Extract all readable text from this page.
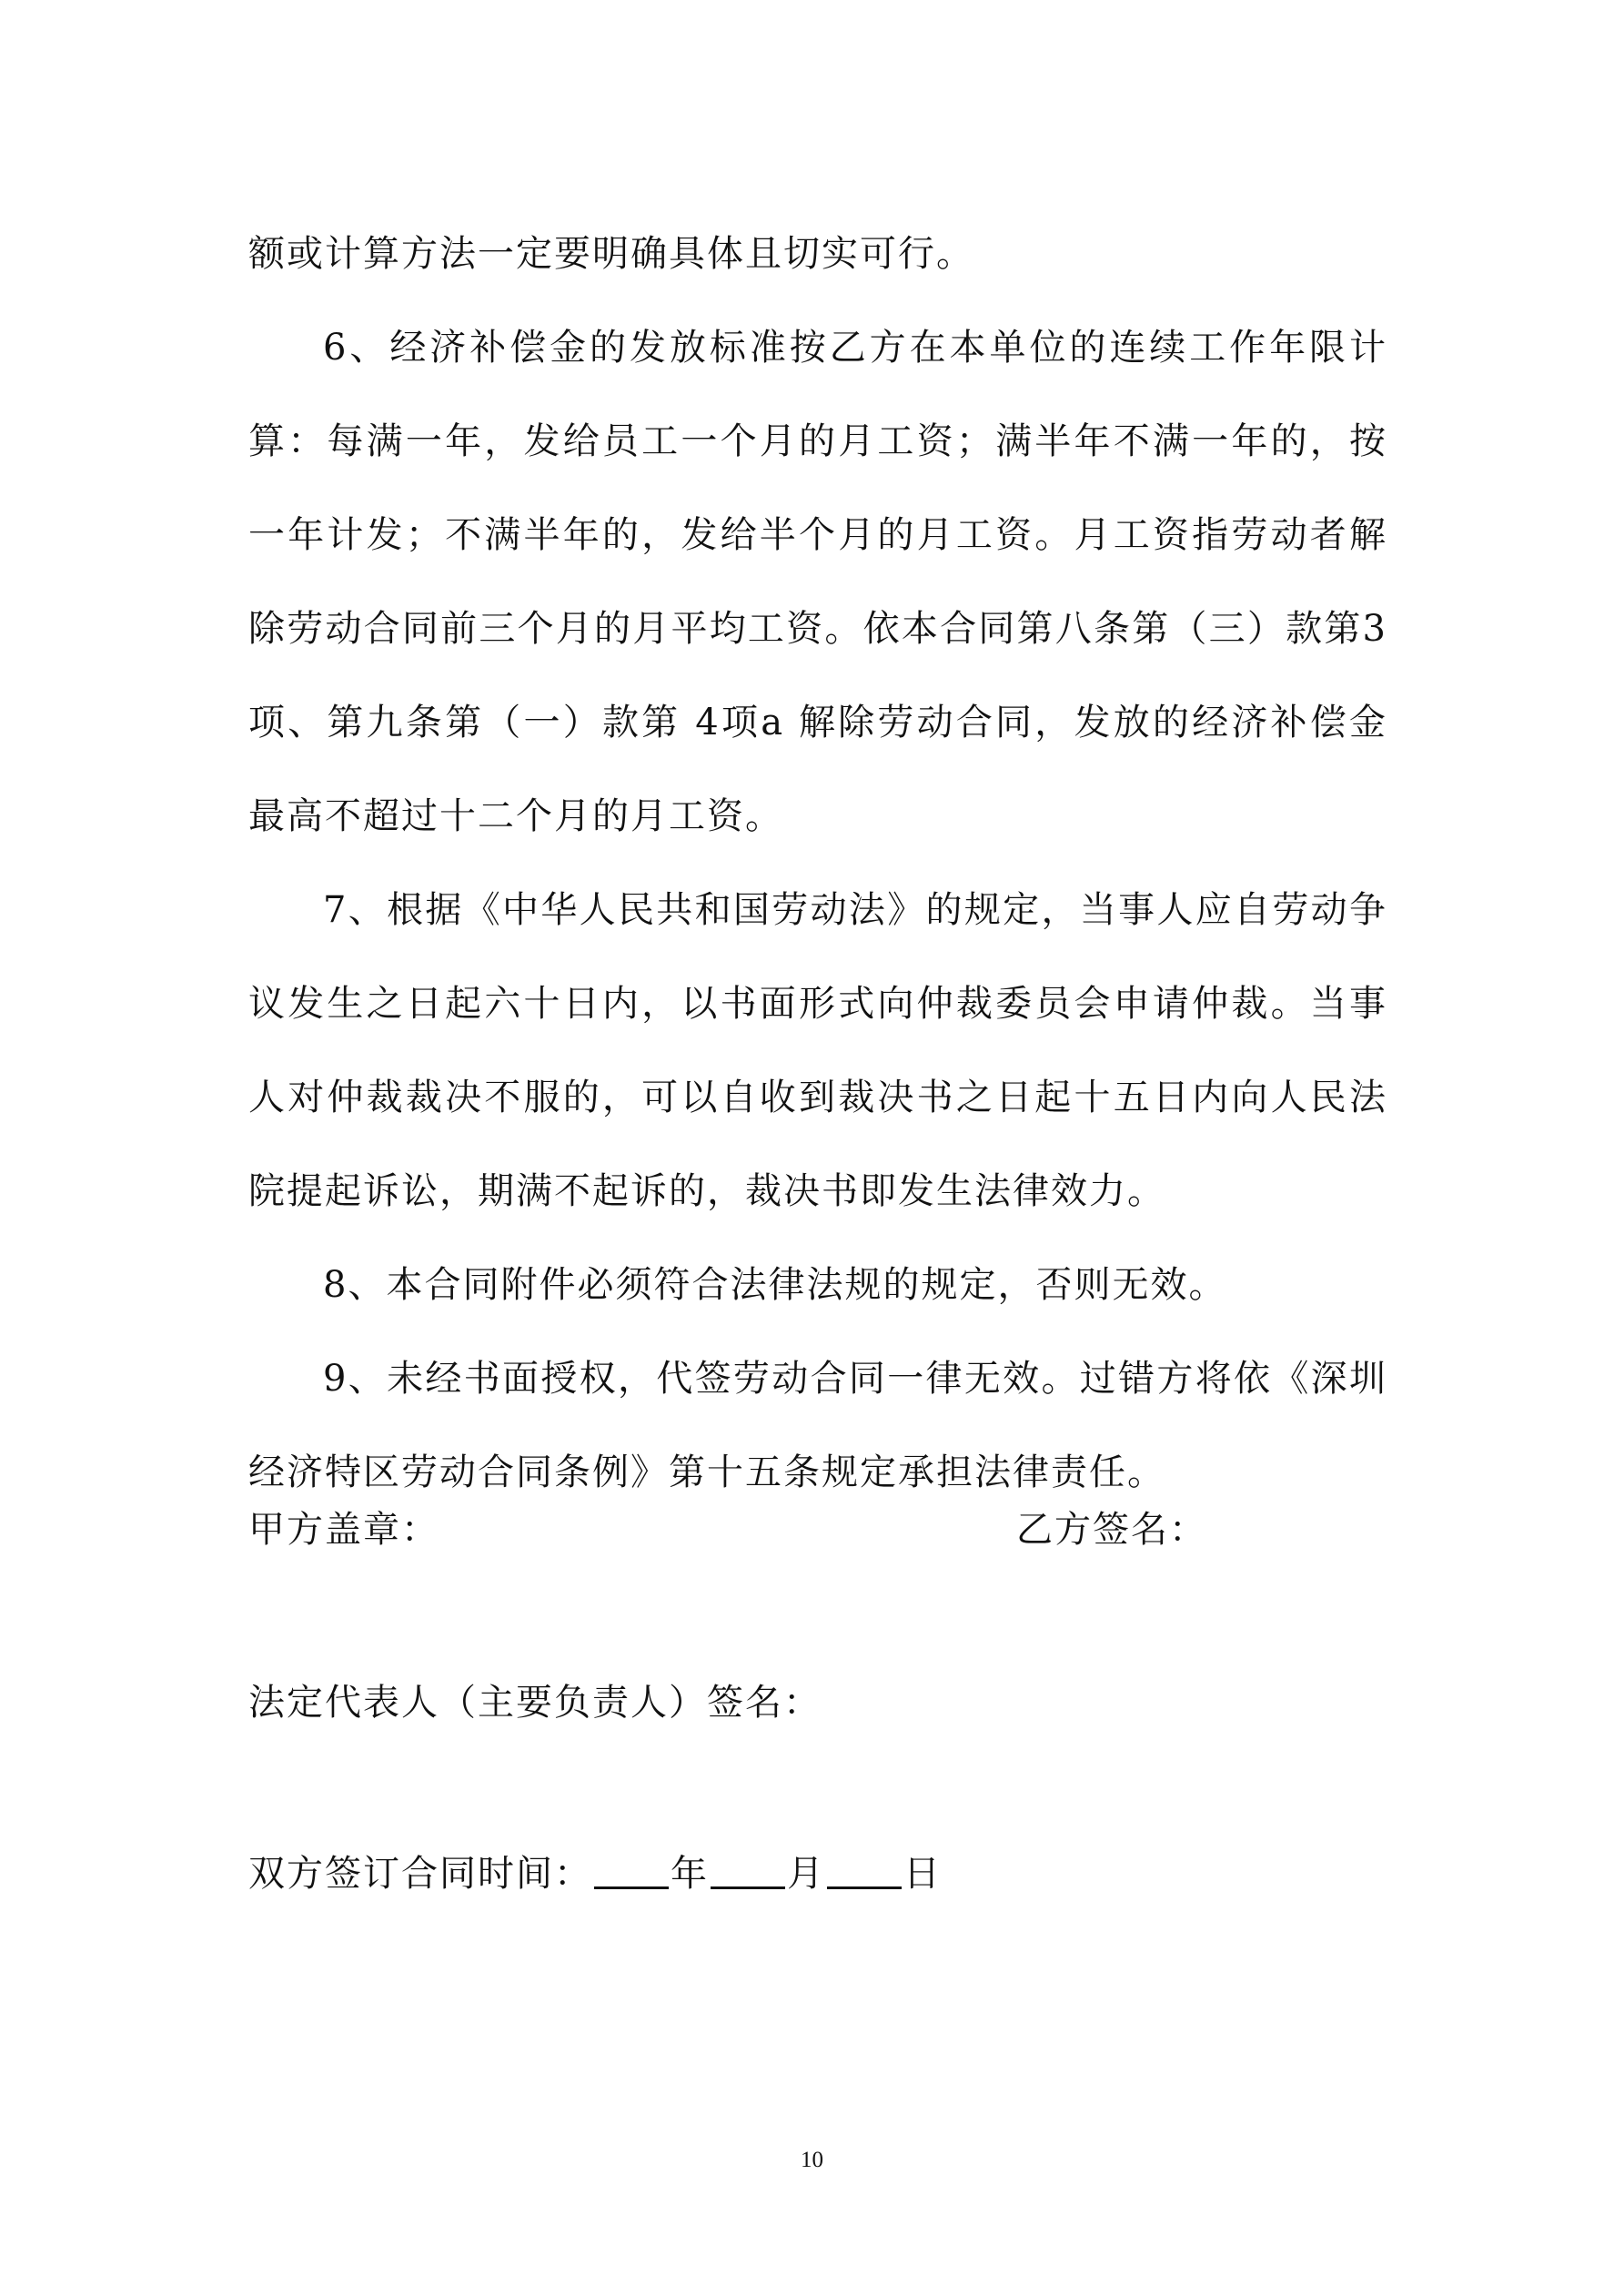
额或计算方法一定要明确具体且切实可行。

6、经济补偿金的发放标准按乙方在本单位的连续工作年限计算：每满一年，发给员工一个月的月工资；满半年不满一年的，按一年计发；不满半年的，发给半个月的月工资。月工资指劳动者解除劳动合同前三个月的月平均工资。依本合同第八条第（三）款第3项、第九条第（一）款第 4项a 解除劳动合同，发放的经济补偿金最高不超过十二个月的月工资。

7、根据《中华人民共和国劳动法》的规定，当事人应自劳动争议发生之日起六十日内，以书面形式向仲裁委员会申请仲裁。当事人对仲裁裁决不服的，可以自收到裁决书之日起十五日内向人民法院提起诉讼，期满不起诉的，裁决书即发生法律效力。

8、本合同附件必须符合法律法规的规定，否则无效。

9、未经书面授权，代签劳动合同一律无效。过错方将依《深圳经济特区劳动合同条例》第十五条规定承担法律责任。

甲方盖章：	乙方签名：
法定代表人（主要负责人）签名：
双方签订合同时间： 年 月 日
10
